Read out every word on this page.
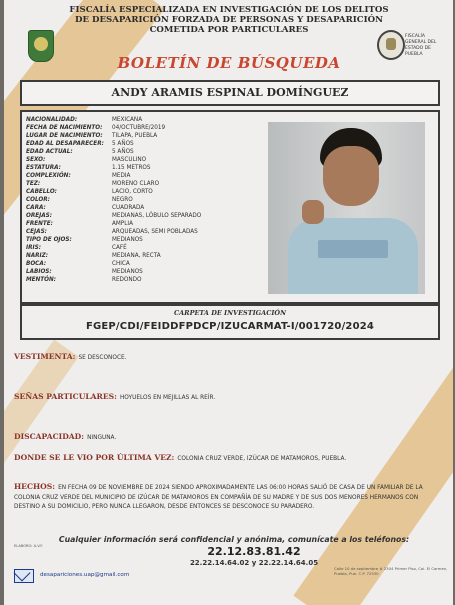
FISCALÍA GENERAL DEL ESTADO DE PUEBLA
FISCALÍA ESPECIALIZADA EN INVESTIGACIÓN DE LOS DELITOS
DE DESAPARICIÓN FORZADA DE PERSONAS Y DESAPARICIÓN
COMETIDA POR PARTICULARES
BOLETÍN DE BÚSQUEDA
ANDY ARAMIS ESPINAL DOMÍNGUEZ
NACIONALIDAD:	MEXICANA
FECHA DE NACIMIENTO: 04/OCTUBRE/2019
LUGAR DE NACIMIENTO: TILAPA, PUEBLA
EDAD AL DESAPARECER: 5 AÑOS
EDAD ACTUAL:	5 AÑOS
SEXO:	MASCULINO
ESTATURA:	1.15 METROS
COMPLEXIÓN:	MEDIA
TEZ:	MORENO CLARO
CABELLO:	LACIO, CORTO
COLOR:	NEGRO
CARA:	CUADRADA
OREJAS:	MEDIANAS, LÓBULO SEPARADO
FRENTE:	AMPLIA
CEJAS:	ARQUEADAS, SEMI POBLADAS
TIPO DE OJOS:	MEDIANOS
IRIS:	CAFÉ
NARIZ:	MEDIANA, RECTA
BOCA:	CHICA
LABIOS:	MEDIANOS
MENTÓN:	REDONDO
CARPETA DE INVESTIGACIÓN
FGEP/CDI/FEIDDFPDCP/IZUCARMAT-I/001720/2024
VESTIMENTA: SE DESCONOCE.
SEÑAS PARTICULARES: HOYUELOS EN MEJILLAS AL REÍR.
DISCAPACIDAD: NINGUNA.
DONDE SE LE VIO POR ÚLTIMA VEZ: COLONIA CRUZ VERDE, IZÚCAR DE MATAMOROS, PUEBLA.
HECHOS: EN FECHA 09 DE NOVIEMBRE DE 2024 SIENDO APROXIMADAMENTE LAS 06:00 HORAS SALIÓ DE CASA DE UN FAMILIAR DE LA COLONIA CRUZ VERDE DEL MUNICIPIO DE IZÚCAR DE MATAMOROS EN COMPAÑÍA DE SU MADRE Y DE SUS DOS MENORES HERMANOS CON DESTINO A SU DOMICILIO, PERO NUNCA LLEGARON, DESDE ENTONCES SE DESCONOCE SU PARADERO.
ELABORÓ: A.V.F.
Cualquier información será confidencial y anónima, comunícate a los teléfonos:
22.12.83.81.42
22.22.14.64.02 y 22.22.14.64.05
desapariciones.uap@gmail.com
Calle 10 de septiembre # 2304 Primer Piso, Col. El Carmen, Puebla, Pue. C.P. 72530
